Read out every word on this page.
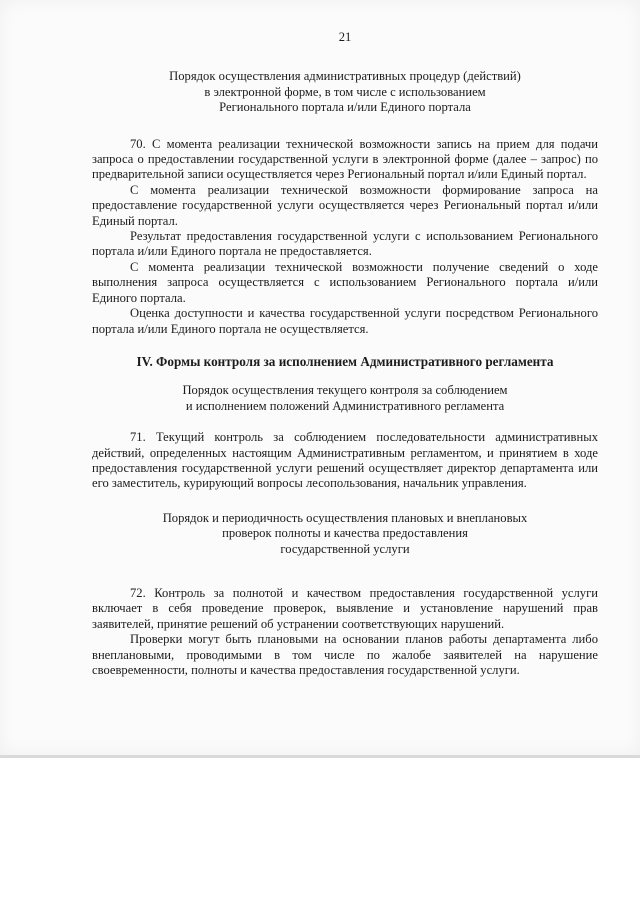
21

Порядок осуществления административных процедур (действий)

в электронной форме, в том числе с использованием

Регионального портала и/или Единого портала

70. С момента реализации технической возможности запись на прием для подачи запроса о предоставлении государственной услуги в электронной форме (далее – запрос) по предварительной записи осуществляется через Региональный портал и/или Единый портал.

С момента реализации технической возможности формирование запроса на предоставление государственной услуги осуществляется через Региональный портал и/или Единый портал.

Результат предоставления государственной услуги с использованием Регионального портала и/или Единого портала не предоставляется.

С момента реализации технической возможности получение сведений о ходе выполнения запроса осуществляется с использованием Регионального портала и/или Единого портала.

Оценка доступности и качества государственной услуги посредством Регионального портала и/или Единого портала не осуществляется.

IV. Формы контроля за исполнением Административного регламента

Порядок осуществления текущего контроля за соблюдением

и исполнением положений Административного регламента

71. Текущий контроль за соблюдением последовательности административных действий, определенных настоящим Административным регламентом, и принятием в ходе предоставления государственной услуги решений осуществляет директор департамента или его заместитель, курирующий вопросы лесопользования, начальник управления.

Порядок и периодичность осуществления плановых и внеплановых

проверок полноты и качества предоставления

государственной услуги

72. Контроль за полнотой и качеством предоставления государственной услуги включает в себя проведение проверок, выявление и установление нарушений прав заявителей, принятие решений об устранении соответствующих нарушений.

Проверки могут быть плановыми на основании планов работы департамента либо внеплановыми, проводимыми в том числе по жалобе заявителей на нарушение своевременности, полноты и качества предоставления государственной услуги.
